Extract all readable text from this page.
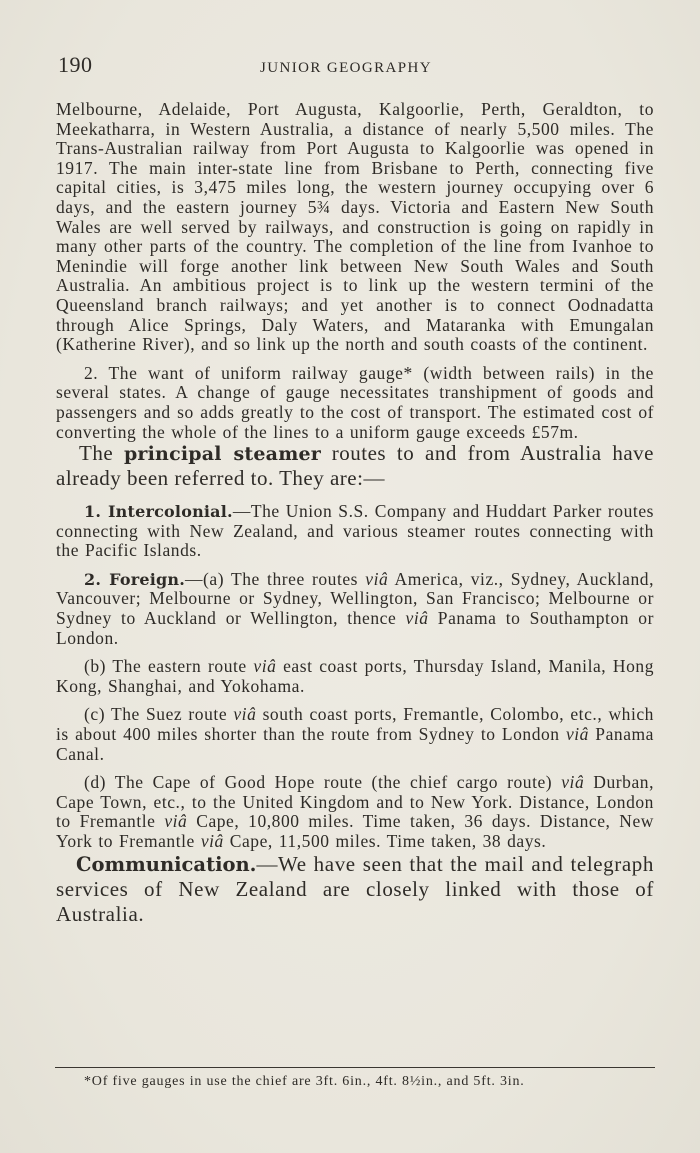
190	JUNIOR GEOGRAPHY

Melbourne, Adelaide, Port Augusta, Kalgoorlie, Perth, Geraldton, to Meekatharra, in Western Australia, a distance of nearly 5,500 miles. The Trans-Australian railway from Port Augusta to Kalgoorlie was opened in 1917. The main inter-state line from Brisbane to Perth, connecting five capital cities, is 3,475 miles long, the western journey occupying over 6 days, and the eastern journey 5¾ days. Victoria and Eastern New South Wales are well served by railways, and construction is going on rapidly in many other parts of the country. The completion of the line from Ivanhoe to Menindie will forge another link between New South Wales and South Australia. An ambitious project is to link up the western termini of the Queensland branch railways; and yet another is to connect Oodnadatta through Alice Springs, Daly Waters, and Mataranka with Emungalan (Katherine River), and so link up the north and south coasts of the continent.

2. The want of uniform railway gauge* (width between rails) in the several states. A change of gauge necessitates transhipment of goods and passengers and so adds greatly to the cost of transport. The estimated cost of converting the whole of the lines to a uniform gauge exceeds £57m.

The principal steamer routes to and from Australia have already been referred to. They are:—

1. Intercolonial.—The Union S.S. Company and Huddart Parker routes connecting with New Zealand, and various steamer routes connecting with the Pacific Islands.

2. Foreign.—(a) The three routes viâ America, viz., Sydney, Auckland, Vancouver; Melbourne or Sydney, Wellington, San Francisco; Melbourne or Sydney to Auckland or Wellington, thence viâ Panama to Southampton or London.

(b) The eastern route viâ east coast ports, Thursday Island, Manila, Hong Kong, Shanghai, and Yokohama.

(c) The Suez route viâ south coast ports, Fremantle, Colombo, etc., which is about 400 miles shorter than the route from Sydney to London viâ Panama Canal.

(d) The Cape of Good Hope route (the chief cargo route) viâ Durban, Cape Town, etc., to the United Kingdom and to New York. Distance, London to Fremantle viâ Cape, 10,800 miles. Time taken, 36 days. Distance, New York to Fremantle viâ Cape, 11,500 miles. Time taken, 38 days.

Communication.—We have seen that the mail and telegraph services of New Zealand are closely linked with those of Australia.

*Of five gauges in use the chief are 3ft. 6in., 4ft. 8½in., and 5ft. 3in.
